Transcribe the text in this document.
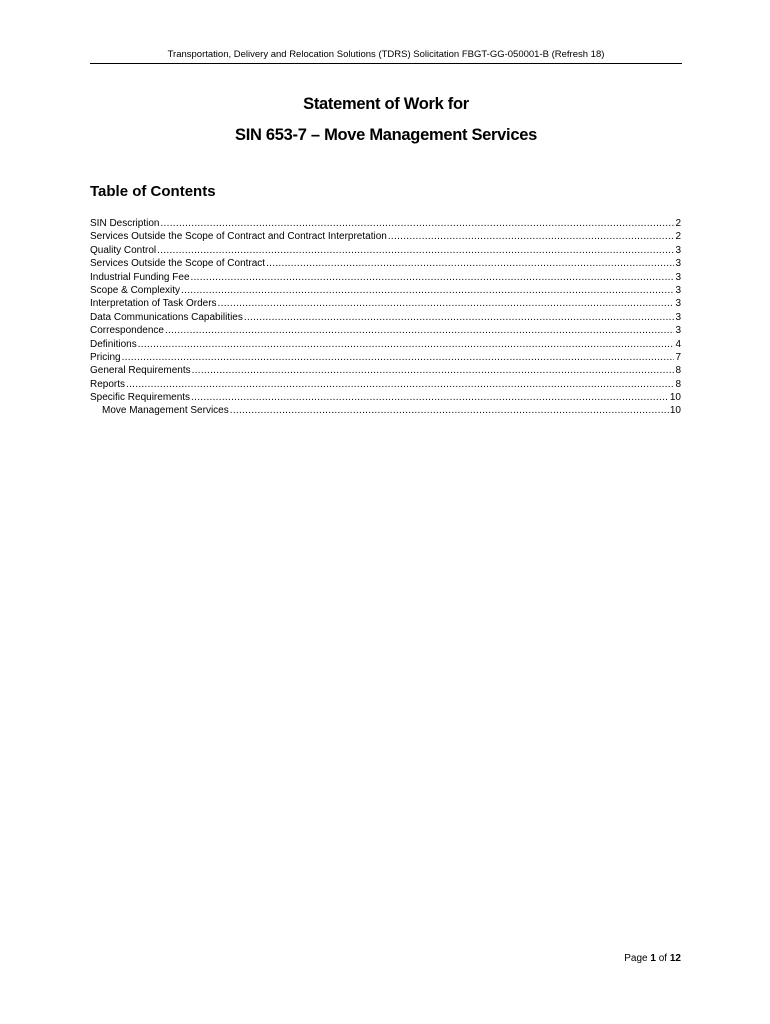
Transportation, Delivery and Relocation Solutions (TDRS) Solicitation FBGT-GG-050001-B (Refresh 18)
Statement of Work for
SIN 653-7 – Move Management Services
Table of Contents
SIN Description .....	2
Services Outside the Scope of Contract and Contract Interpretation .....	2
Quality Control .....	3
Services Outside the Scope of Contract .....	3
Industrial Funding Fee .....	3
Scope & Complexity .....	3
Interpretation of Task Orders .....	3
Data Communications Capabilities .....	3
Correspondence .....	3
Definitions .....	4
Pricing .....	7
General Requirements .....	8
Reports .....	8
Specific Requirements .....	10
Move Management Services .....	10
Page 1 of 12
